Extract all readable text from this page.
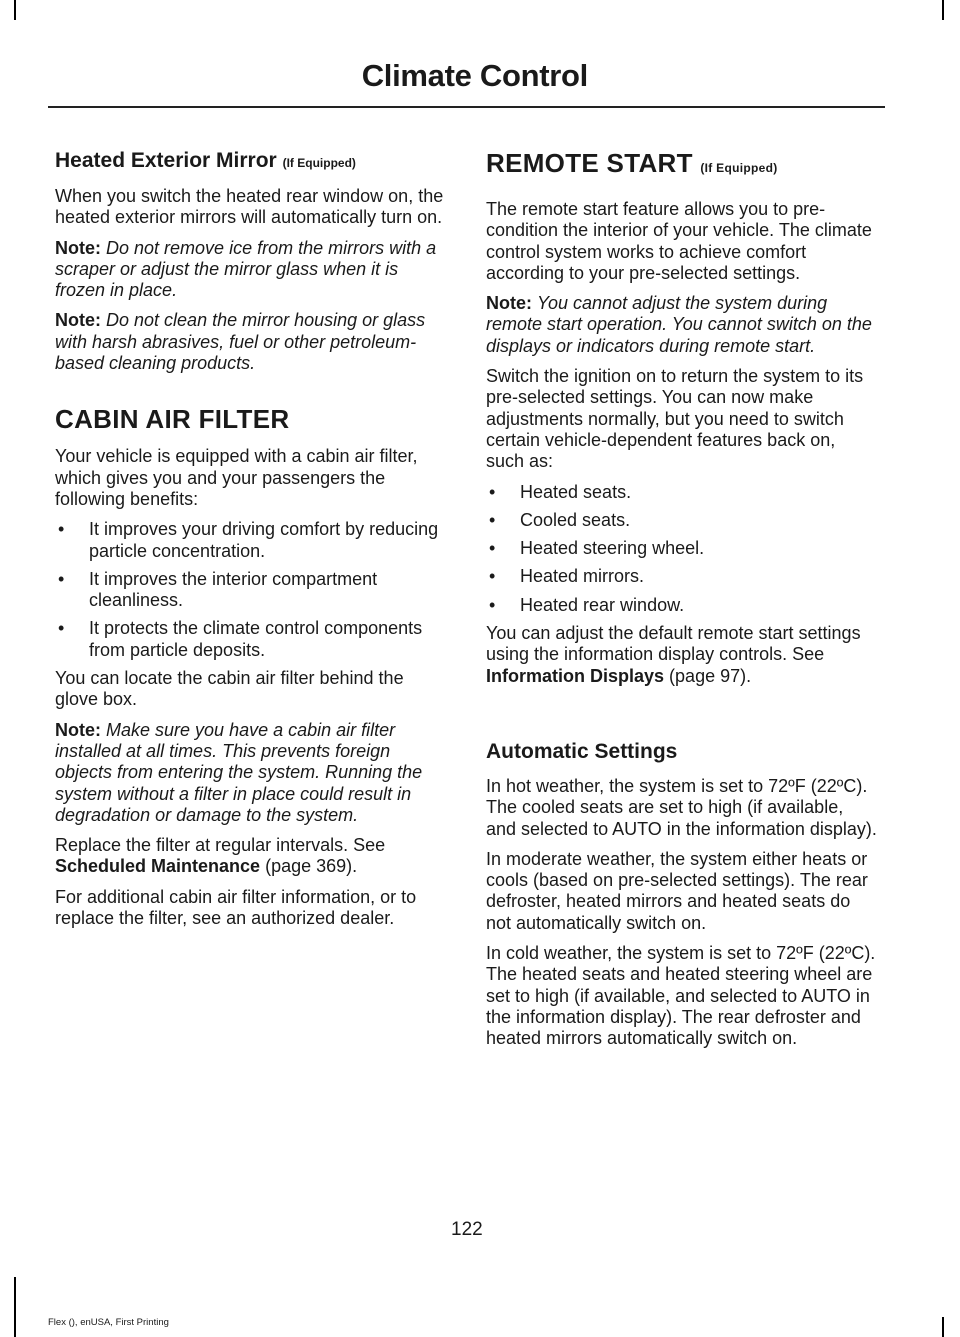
Climate Control
Heated Exterior Mirror (If Equipped)

When you switch the heated rear window on, the heated exterior mirrors will automatically turn on.

Note: Do not remove ice from the mirrors with a scraper or adjust the mirror glass when it is frozen in place.

Note: Do not clean the mirror housing or glass with harsh abrasives, fuel or other petroleum-based cleaning products.

CABIN AIR FILTER

Your vehicle is equipped with a cabin air filter, which gives you and your passengers the following benefits:

• It improves your driving comfort by reducing particle concentration.
• It improves the interior compartment cleanliness.
• It protects the climate control components from particle deposits.

You can locate the cabin air filter behind the glove box.

Note: Make sure you have a cabin air filter installed at all times. This prevents foreign objects from entering the system. Running the system without a filter in place could result in degradation or damage to the system.

Replace the filter at regular intervals. See Scheduled Maintenance (page 369).

For additional cabin air filter information, or to replace the filter, see an authorized dealer.

REMOTE START (If Equipped)

The remote start feature allows you to pre-condition the interior of your vehicle. The climate control system works to achieve comfort according to your pre-selected settings.

Note: You cannot adjust the system during remote start operation. You cannot switch on the displays or indicators during remote start.

Switch the ignition on to return the system to its pre-selected settings. You can now make adjustments normally, but you need to switch certain vehicle-dependent features back on, such as:

• Heated seats.
• Cooled seats.
• Heated steering wheel.
• Heated mirrors.
• Heated rear window.

You can adjust the default remote start settings using the information display controls. See Information Displays (page 97).

Automatic Settings

In hot weather, the system is set to 72ºF (22ºC). The cooled seats are set to high (if available, and selected to AUTO in the information display).

In moderate weather, the system either heats or cools (based on pre-selected settings). The rear defroster, heated mirrors and heated seats do not automatically switch on.

In cold weather, the system is set to 72ºF (22ºC). The heated seats and heated steering wheel are set to high (if available, and selected to AUTO in the information display). The rear defroster and heated mirrors automatically switch on.

122
Flex (), enUSA, First Printing
